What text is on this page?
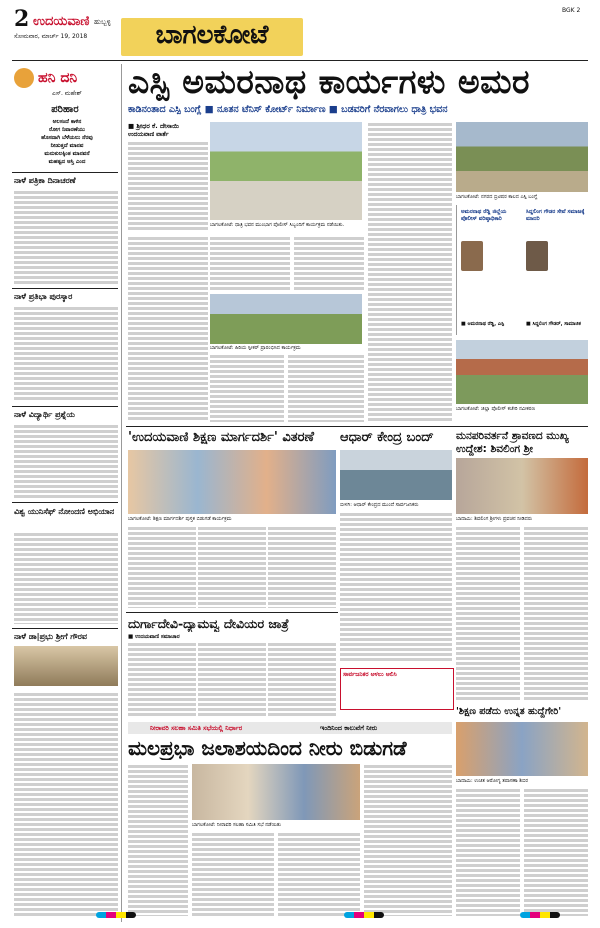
2 ಉದಯವಾಣಿ ಹುಬ್ಬಳ್ಳಿ
ಸೋಮವಾರ, ಮಾರ್ಚ್ 19, 2018	ಬಾಗಲಕೋಟೆ
BGK 2
ಹನಿ ದನಿ
ಎಸ್. ಮಹೇಶ್
ಪರಿಹಾರ
ಅಲಸಂದೆ ಕಾಳಿನ
ರೋಗ ನಿವಾರಣೆಯು
ಹೊಸದಾಗಿ ಬೆಳೆಯಲು ನೆರವು
ನೀಡುತ್ತದೆ ಮಾನವ
ಮನುಕುಲಕ್ಕಿಂತ ಮಾನವನೆ
ಮಹತ್ವದ ಆಸ್ತಿ ಎಂದ
ನಾಳೆ ಪತ್ರಿಕಾ ದಿನಾಚರಣೆ
ನಾಳೆ ಪ್ರತಿಭಾ ಪುರಸ್ಕಾರ
ನಾಳೆ ವಿದ್ಯಾರ್ಥಿ ಪ್ರಶ್ನೆಯ
ವಿಶ್ವ ಯುನಿಸೆಫ್ ನೋಂದಣಿ ಅಭಿಯಾನ
ನಾಳೆ ಡಾ|ಪ್ರಭು ಶ್ರೀಗೆ ಗೌರವ
ಎಸ್ಪಿ ಅಮರನಾಥ ಕಾರ್ಯಗಳು ಅಮರ
ಕಾಡಿನಂತಾದ ಎಸ್ಪಿ ಬಂಗ್ಲೆ ■ ನೂತನ ಟೆನಿಸ್ ಕೋರ್ಟ್ ನಿರ್ಮಾಣ ■ ಬಡವರಿಗೆ ನೆರವಾಗಲು ಧಾತ್ರಿ ಭವನ
■ ಶ್ರೀಧರ ಕೆ. ದೇಸಾಯಿ
ಉದಯವಾಣಿ ವಾರ್ತೆ
ಬಾಗಲಕೋಟೆ: ಧಾತ್ರಿ ಭವನ ಮುಂಭಾಗ ಪೊಲೀಸ್ ಸಿಬ್ಬಂದಿಗೆ ಕಾರ್ಯಕ್ರಮ ನಡೆಯಿತು.
ಬಾಗಲಕೋಟೆ: ಹಿರಿಯ ಸ್ಪೀಕರ್ ಪ್ರಾರಂಭಿಸಿದ ಕಾರ್ಯಕ್ರಮ
ಬಾಗಲಕೋಟೆ: ನಗರದ ಬ್ರಿಟಿಷರ ಕಾಲದ ಎಸ್ಪಿ ಬಂಗ್ಲೆ
ಅಮರನಾಥ ರೆಡ್ಡಿ ಜಿಲ್ಲೆಯ ಪೊಲೀಸ್ ವರಿಷ್ಠಾಧಿಕಾರಿ
■ ಅಮರನಾಥ ರೆಡ್ಡಿ, ಎಸ್ಪಿ
ಸಿದ್ದಲಿಂಗ ಗೌಡರ ಸೇವೆ ಸಮಾಜಕ್ಕೆ ಮಾದರಿ
■ ಸಿದ್ದಲಿಂಗ ಗೌಡರ್, ಸಾಮಾಜಿಕ
ಬಾಗಲಕೋಟೆ: ಜಿಲ್ಲಾ ಪೊಲೀಸ್ ಕಚೇರಿ ನವೀಕರಣ
'ಉದಯವಾಣಿ ಶಿಕ್ಷಣ ಮಾರ್ಗದರ್ಶಿ' ವಿತರಣೆ
ಬಾಗಲಕೋಟೆ: ಶಿಕ್ಷಣ ಮಾರ್ಗದರ್ಶಿ ಪುಸ್ತಕ ಬಿಡುಗಡೆ ಕಾರ್ಯಕ್ರಮ
ಆಧಾರ್ ಕೇಂದ್ರ ಬಂದ್
ಬೀಳಗಿ: ಆಧಾರ್ ಕೇಂದ್ರದ ಮುಂದೆ ಸಾರ್ವಜನಿಕರು
ಸಾರ್ವಜನಿಕರ ಅಳಲು ಆಲಿಸಿ
ಮನಪರಿವರ್ತನೆ ಶ್ರಾವಣದ ಮುಖ್ಯ ಉದ್ದೇಶ: ಶಿವಲಿಂಗ ಶ್ರೀ
ಬಾದಾಮಿ: ಶಿವಲಿಂಗ ಶ್ರೀಗಳು ಪ್ರವಚನ ನೀಡಿದರು
'ಶಿಕ್ಷಣ ಪಡೆದು ಉನ್ನತ ಹುದ್ದೆಗೇರಿ'
ಬಾದಾಮಿ: ಉಚಿತ ಆರೋಗ್ಯ ತಪಾಸಣಾ ಶಿಬಿರ
ದುರ್ಗಾದೇವಿ-ದ್ಯಾಮವ್ವ ದೇವಿಯರ ಜಾತ್ರೆ
■ ಉದಯವಾಣಿ ಸಮಾಚಾರ
ನೀರಾವರಿ ಸಲಹಾ ಸಮಿತಿ ಸಭೆಯಲ್ಲಿ ನಿರ್ಧಾರ	ಇಂದಿನಿಂದ ಕಾಲುವೆಗೆ ನೀರು
ಮಲಪ್ರಭಾ ಜಲಾಶಯದಿಂದ ನೀರು ಬಿಡುಗಡೆ
ಬಾಗಲಕೋಟೆ: ನೀರಾವರಿ ಸಲಹಾ ಸಮಿತಿ ಸಭೆ ನಡೆಯಿತು
